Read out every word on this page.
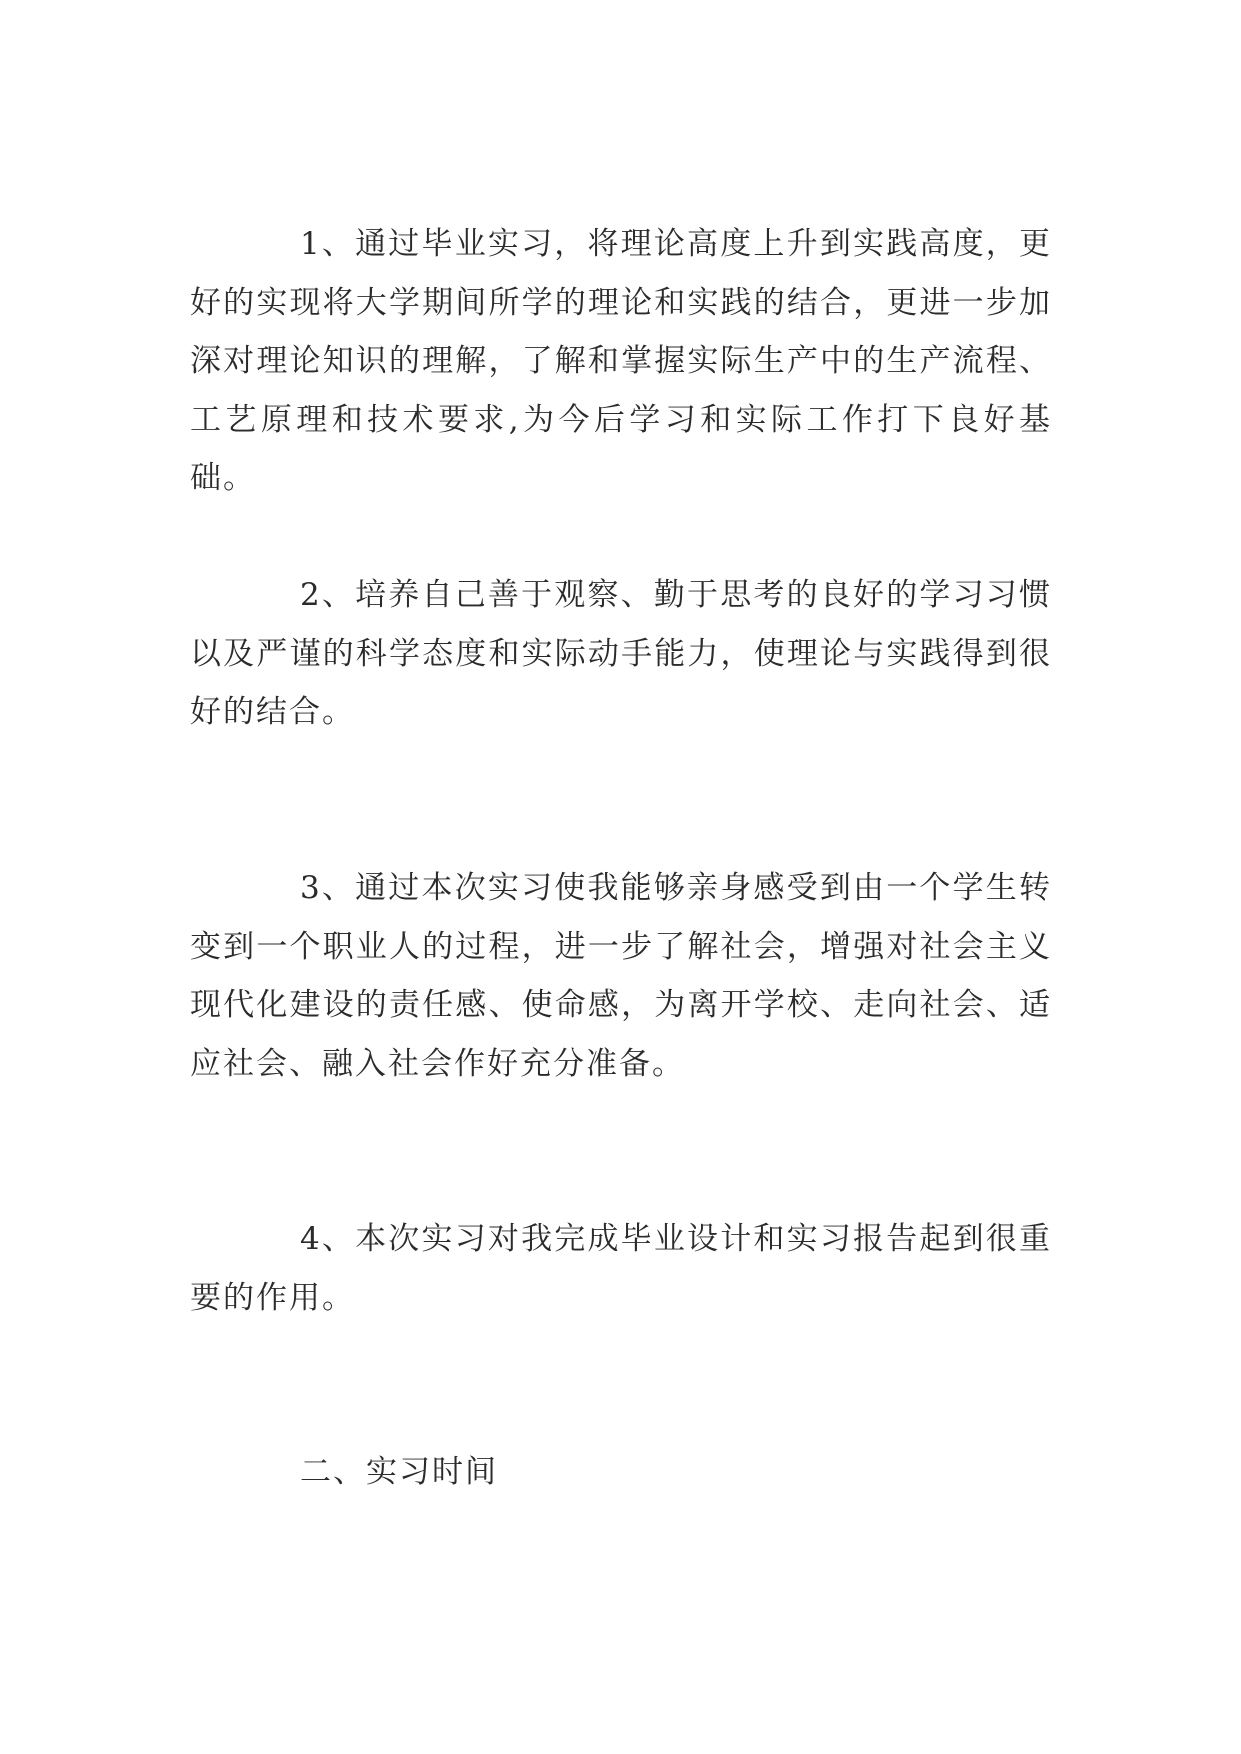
1、通过毕业实习，将理论高度上升到实践高度，更好的实现将大学期间所学的理论和实践的结合，更进一步加深对理论知识的理解，了解和掌握实际生产中的生产流程、工艺原理和技术要求,为今后学习和实际工作打下良好基础。

2、培养自己善于观察、勤于思考的良好的学习习惯以及严谨的科学态度和实际动手能力，使理论与实践得到很好的结合。

3、通过本次实习使我能够亲身感受到由一个学生转变到一个职业人的过程，进一步了解社会，增强对社会主义现代化建设的责任感、使命感，为离开学校、走向社会、适应社会、融入社会作好充分准备。

4、本次实习对我完成毕业设计和实习报告起到很重要的作用。

二、实习时间
